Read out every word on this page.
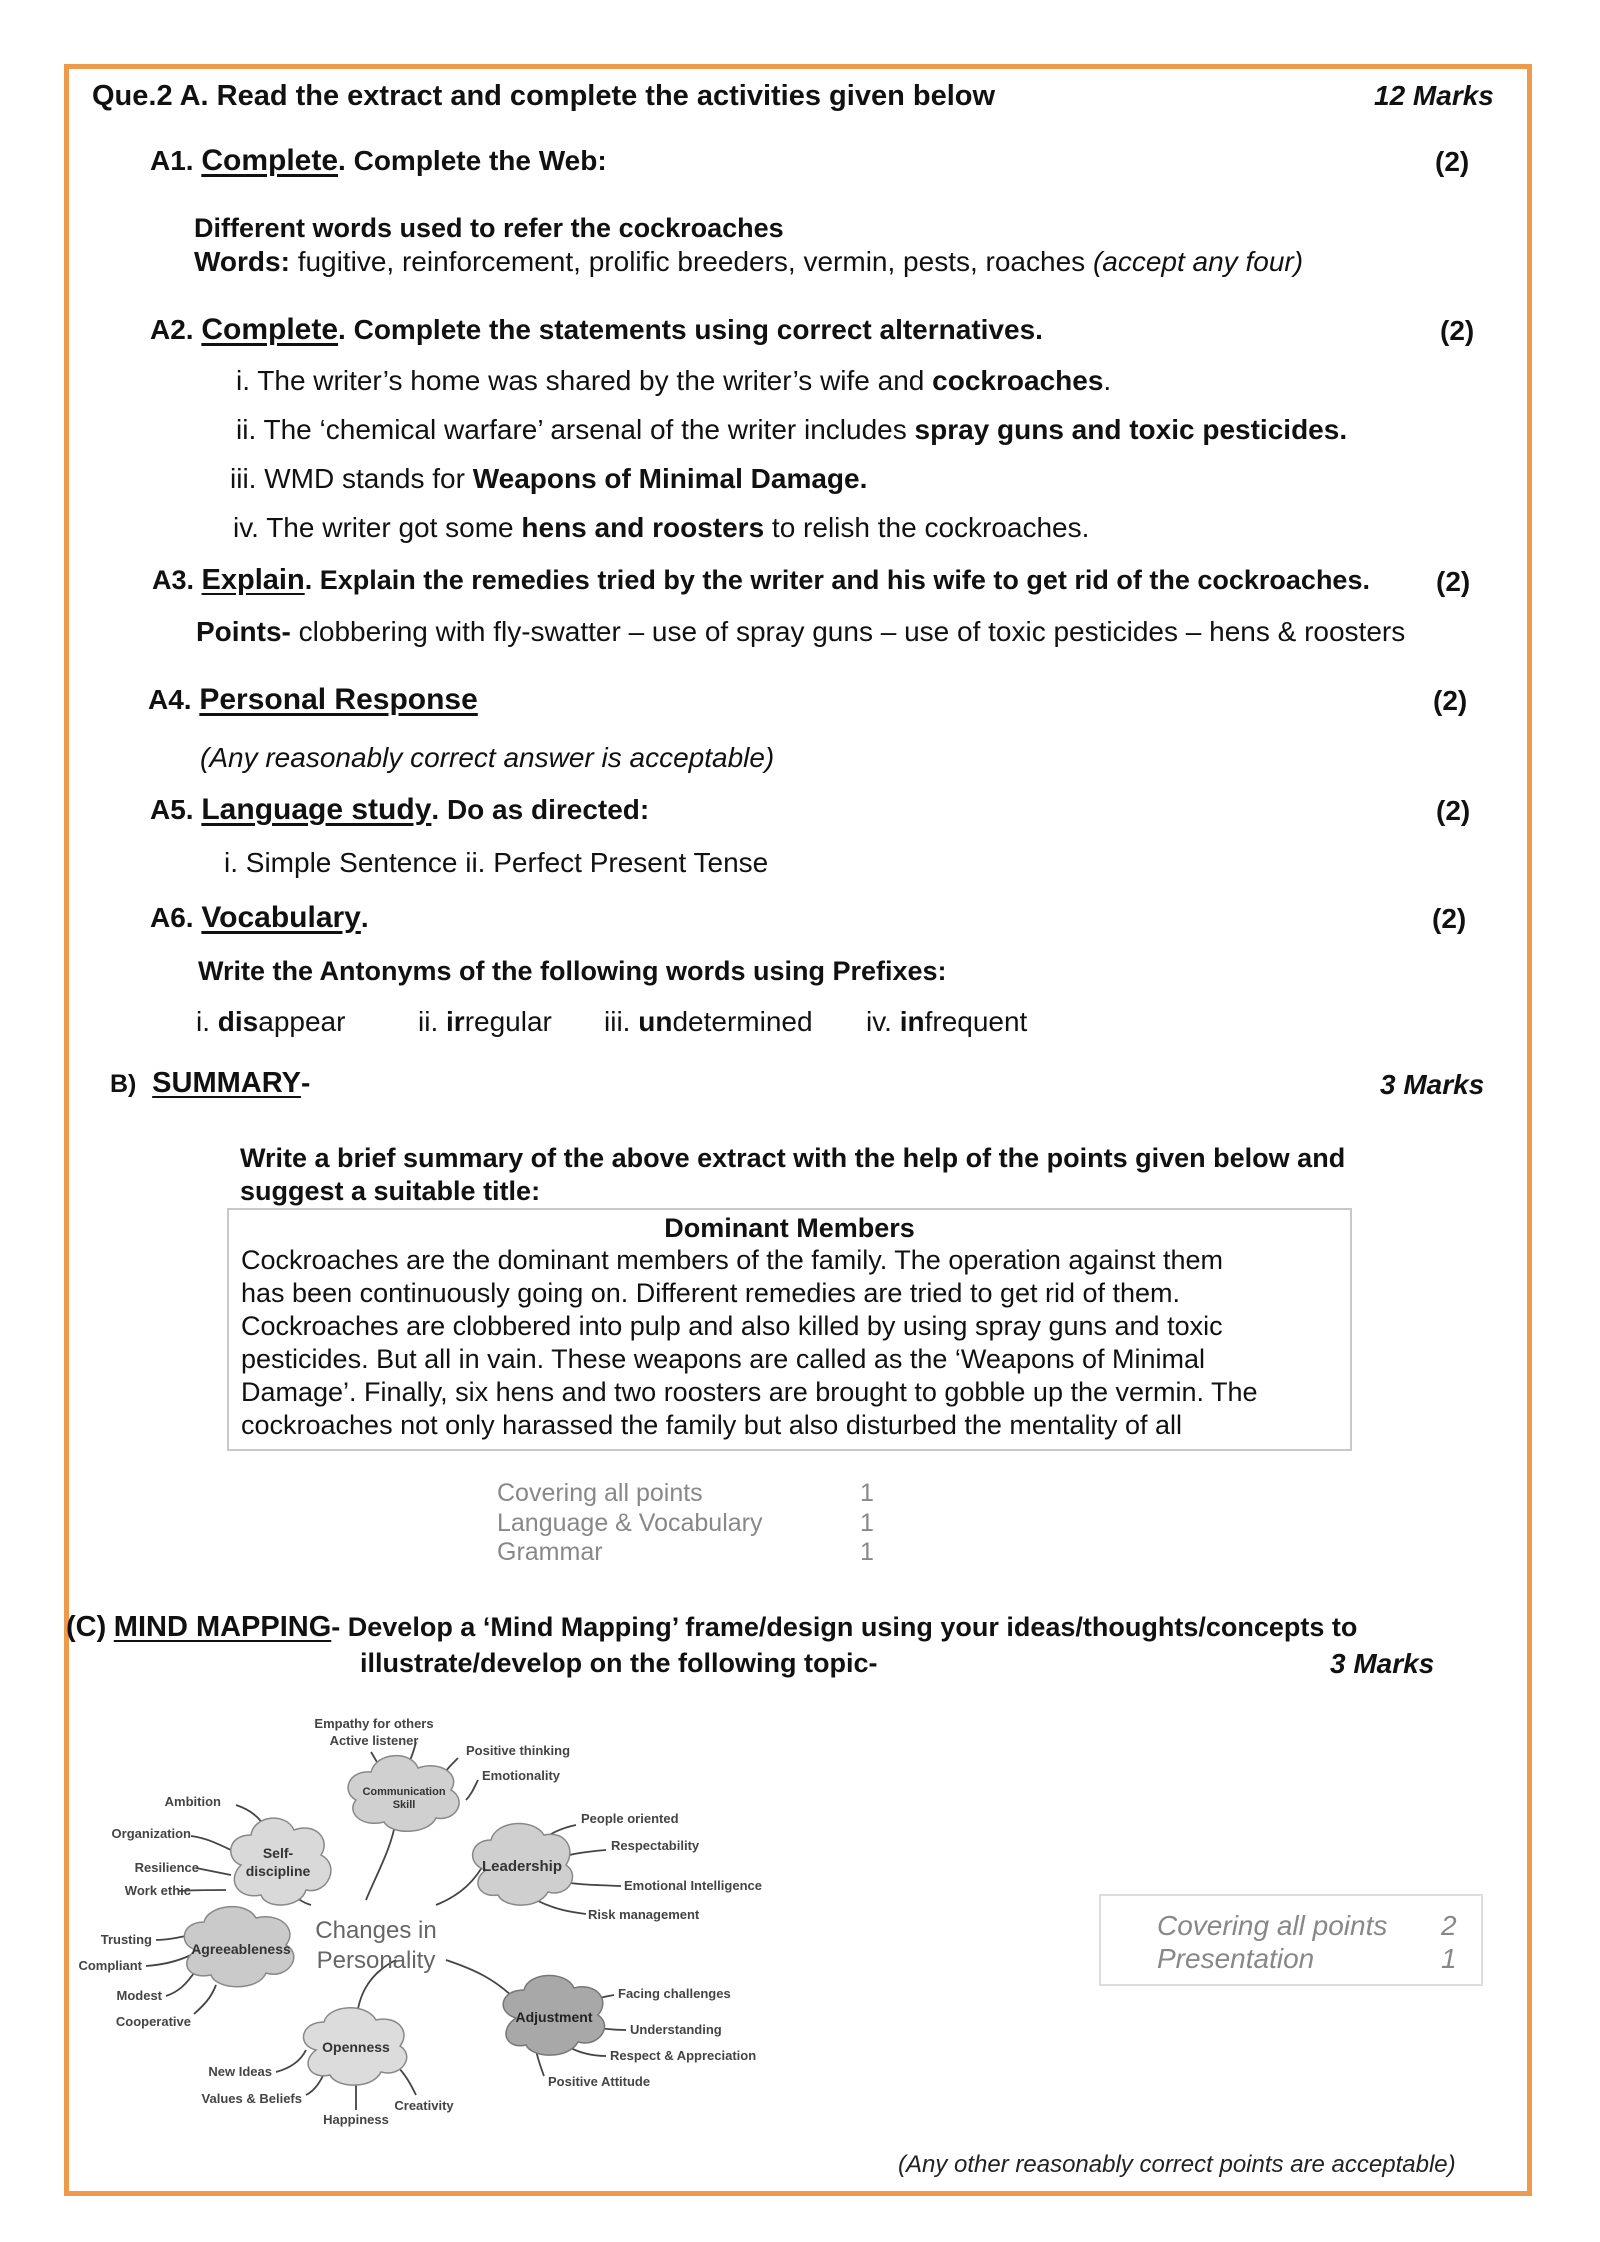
Que.2 A. Read the extract and complete the activities given below	12 Marks
A1. Complete. Complete the Web:	(2)
Different words used to refer the cockroaches
Words: fugitive, reinforcement, prolific breeders, vermin, pests, roaches (accept any four)
A2. Complete. Complete the statements using correct alternatives.	(2)
i. The writer’s home was shared by the writer’s wife and cockroaches.
ii. The ‘chemical warfare’ arsenal of the writer includes spray guns and toxic pesticides.
iii. WMD stands for Weapons of Minimal Damage.
iv. The writer got some hens and roosters to relish the cockroaches.
A3. Explain. Explain the remedies tried by the writer and his wife to get rid of the cockroaches. (2)
Points- clobbering with fly-swatter – use of spray guns – use of toxic pesticides – hens & roosters
A4. Personal Response	(2)
(Any reasonably correct answer is acceptable)
A5. Language study. Do as directed:	(2)
i. Simple Sentence ii. Perfect Present Tense
A6. Vocabulary.	(2)
Write the Antonyms of the following words using Prefixes:
i. disappear	ii. irregular iii. undetermined iv. infrequent
B) SUMMARY-	3 Marks
Write a brief summary of the above extract with the help of the points given below and
suggest a suitable title:
Dominant Members
Cockroaches are the dominant members of the family. The operation against them
has been continuously going on. Different remedies are tried to get rid of them.
Cockroaches are clobbered into pulp and also killed by using spray guns and toxic
pesticides. But all in vain. These weapons are called as the ‘Weapons of Minimal
Damage’. Finally, six hens and two roosters are brought to gobble up the vermin. The
cockroaches not only harassed the family but also disturbed the mentality of all
Covering all points	1
Language & Vocabulary	1
Grammar	1
(C) MIND MAPPING- Develop a ‘Mind Mapping’ frame/design using your ideas/thoughts/concepts to
illustrate/develop on the following topic-	3 Marks
Self-
discipline
Communication
Skill
Leadership
Agreeableness
Adjustment
Openness
Changes in
Personality
Ambition
Organization
Resilience
Work ethic
Empathy for others
Active listener
Positive thinking
Emotionality
People oriented
Respectability
Emotional Intelligence
Risk management
Trusting
Compliant
Modest
Cooperative
Facing challenges
Understanding
Respect & Appreciation
Positive Attitude
New Ideas
Values & Beliefs
Happiness
Creativity
Covering all points 2
Presentation	1
(Any other reasonably correct points are acceptable)
